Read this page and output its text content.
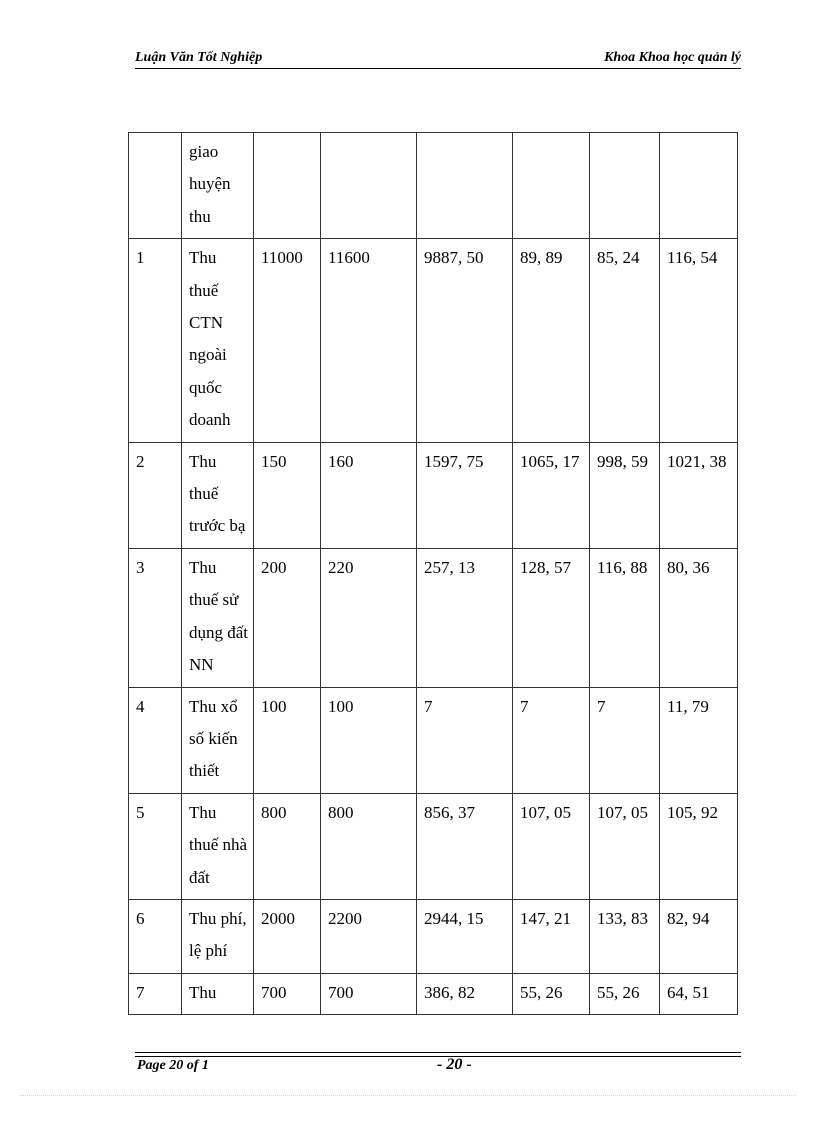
Luận Văn Tốt Nghiệp	Khoa Khoa học quản lý
	giao huyện thu						
1	Thu thuế CTN ngoài quốc doanh	11000	11600	9887, 50	89, 89	85, 24	116, 54
2	Thu thuế trước bạ	150	160	1597, 75	1065, 17	998, 59	1021, 38
3	Thu thuế sử dụng đất NN	200	220	257, 13	128, 57	116, 88	80, 36
4	Thu xổ số kiến thiết	100	100	7	7	7	11, 79
5	Thu thuế nhà đất	800	800	856, 37	107, 05	107, 05	105, 92
6	Thu phí, lệ phí	2000	2200	2944, 15	147, 21	133, 83	82, 94
7	Thu	700	700	386, 82	55, 26	55, 26	64, 51
Page 20 of 1	- 20 -
